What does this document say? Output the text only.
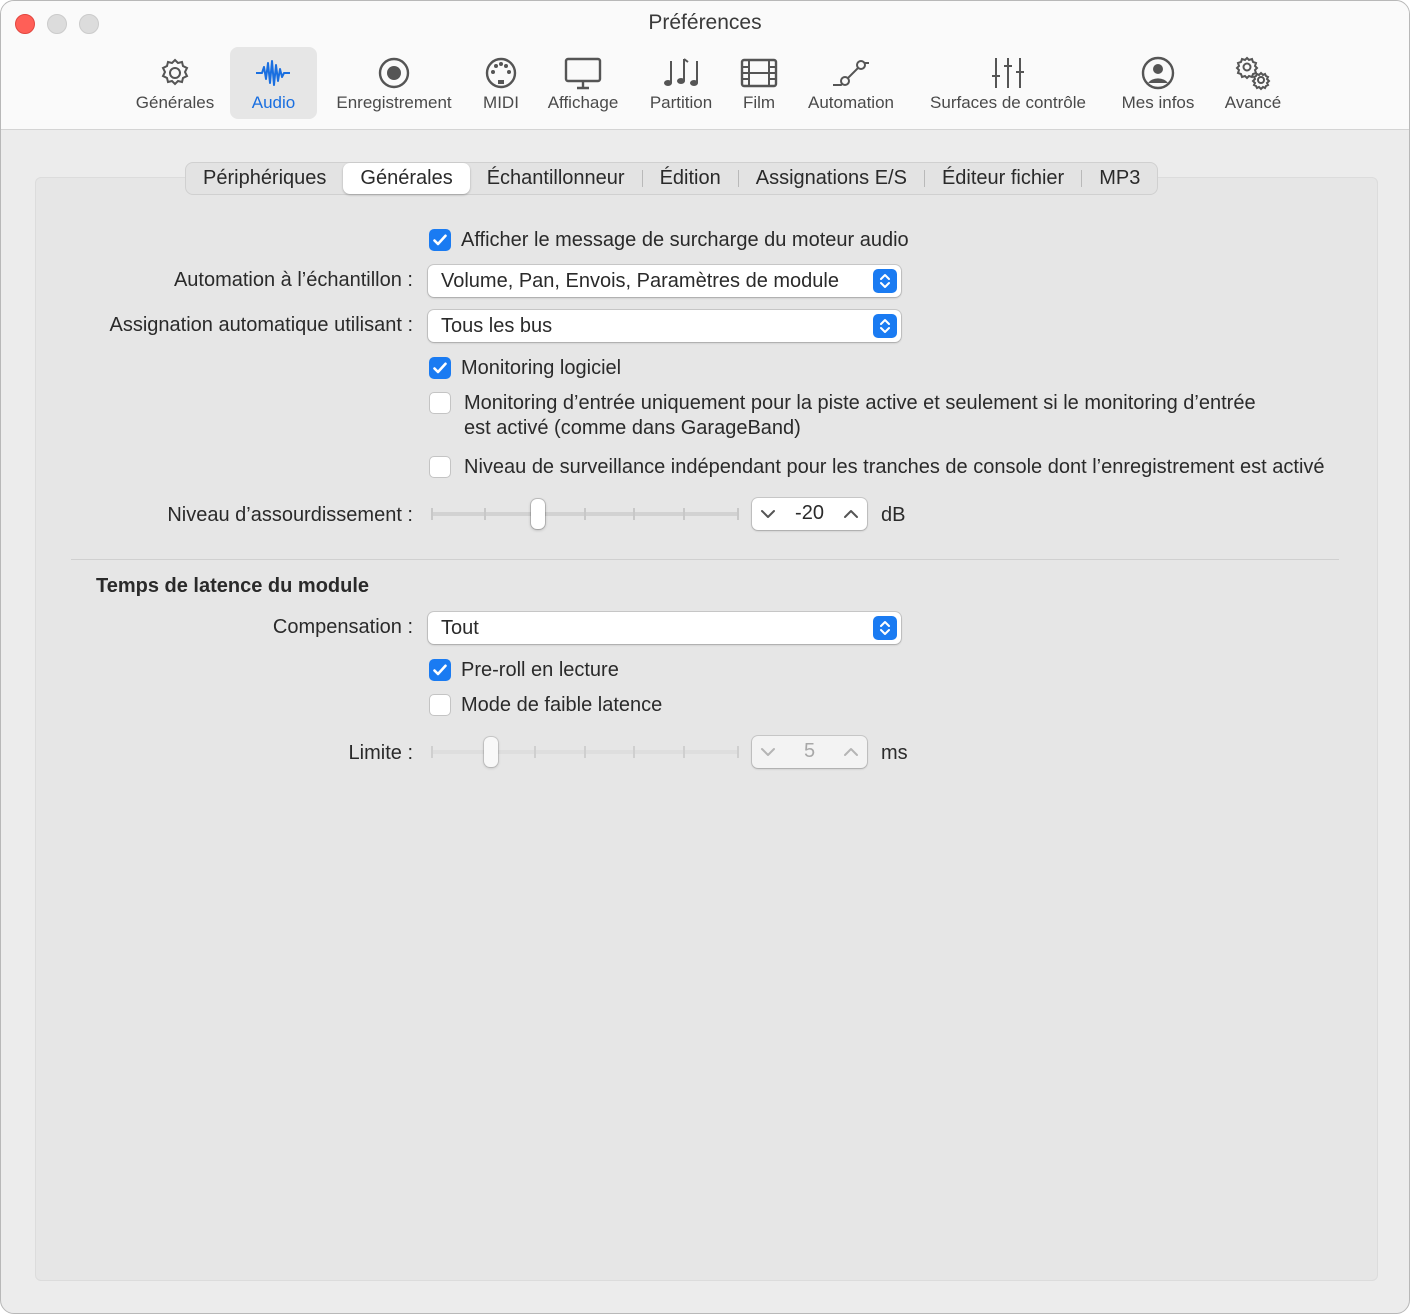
Préférences
Générales Audio Enregistrement MIDI Affichage Partition Film Automation Surfaces de contrôle Mes infos Avancé
Périphériques	Générales	Échantillonneur	Édition	Assignations E/S	Éditeur fichier	MP3
Afficher le message de surcharge du moteur audio
Automation à l’échantillon : Volume, Pan, Envois, Paramètres de module
Assignation automatique utilisant : Tous les bus
Monitoring logiciel
Monitoring d’entrée uniquement pour la piste active et seulement si le monitoring d’entrée
est activé (comme dans GarageBand)
Niveau de surveillance indépendant pour les tranches de console dont l’enregistrement est activé
Niveau d’assourdissement :	-20	dB
Temps de latence du module
Compensation : Tout
Pre-roll en lecture
Mode de faible latence
Limite :	5	ms
